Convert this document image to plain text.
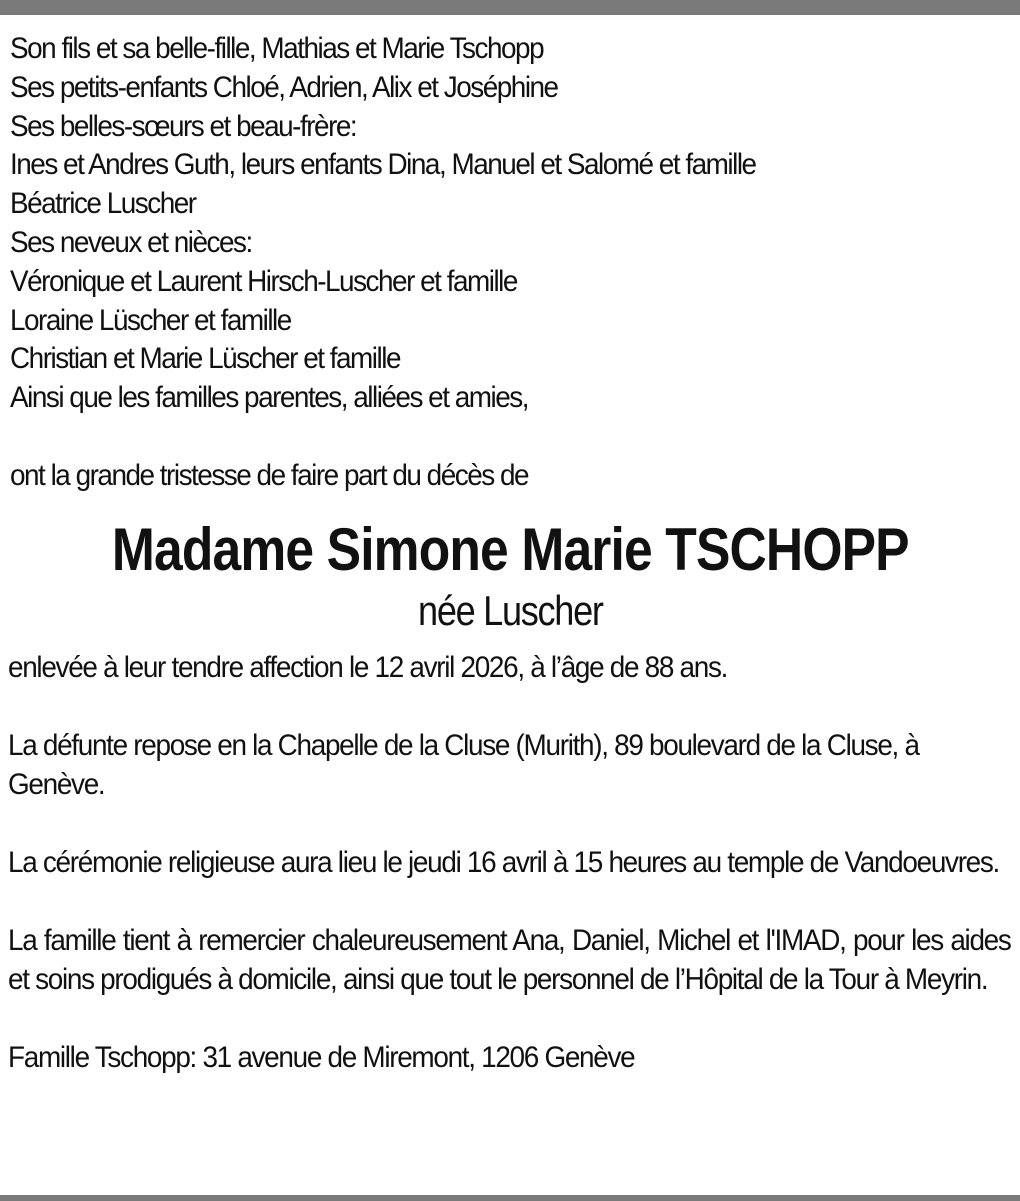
Son fils et sa belle-fille, Mathias et Marie Tschopp
Ses petits-enfants Chloé, Adrien, Alix et Joséphine
Ses belles-sœurs et beau-frère:
Ines et Andres Guth, leurs enfants Dina, Manuel et Salomé et famille
Béatrice Luscher
Ses neveux et nièces:
Véronique et Laurent Hirsch-Luscher et famille
Loraine Lüscher et famille
Christian et Marie Lüscher et famille
Ainsi que les familles parentes, alliées et amies,
ont la grande tristesse de faire part du décès de
Madame Simone Marie TSCHOPP
née Luscher

enlevée à leur tendre affection le 12 avril 2026, à l’âge de 88 ans.

La défunte repose en la Chapelle de la Cluse (Murith), 89 boulevard de la Cluse, à Genève.

La cérémonie religieuse aura lieu le jeudi 16 avril à 15 heures au temple de Vandoeuvres.

La famille tient à remercier chaleureusement Ana, Daniel, Michel et l'IMAD, pour les aides et soins prodigués à domicile, ainsi que tout le personnel de l’Hôpital de la Tour à Meyrin.

Famille Tschopp: 31 avenue de Miremont, 1206 Genève
